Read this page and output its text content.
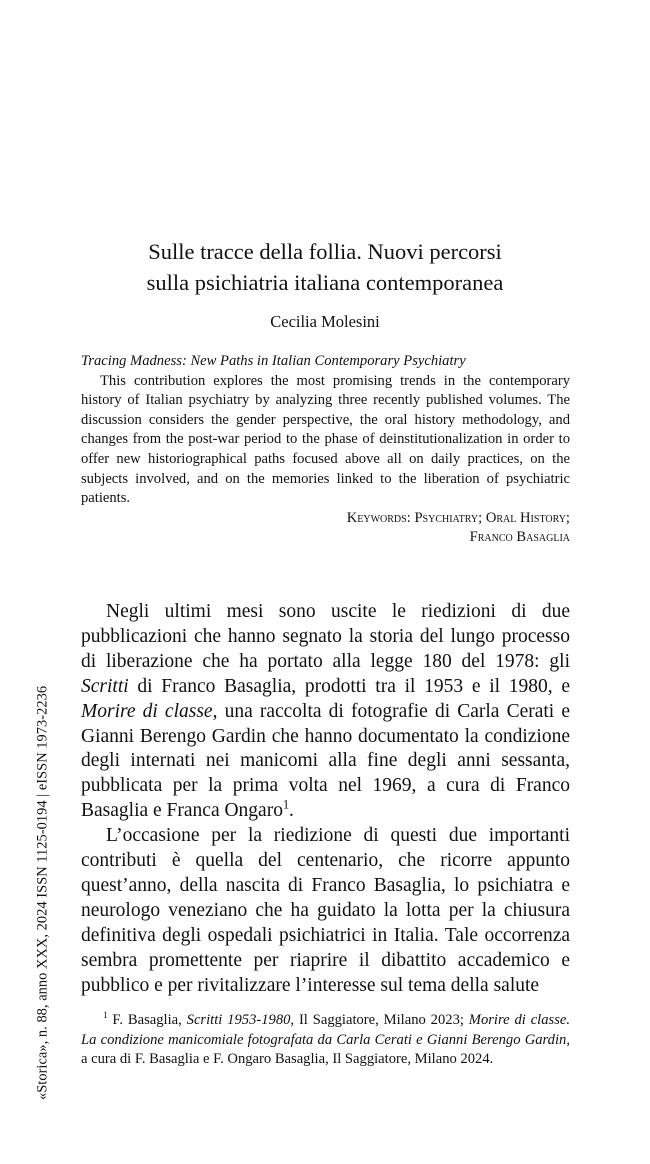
Sulle tracce della follia. Nuovi percorsi
sulla psichiatria italiana contemporanea
Cecilia Molesini

Tracing Madness: New Paths in Italian Contemporary Psychiatry

This contribution explores the most promising trends in the contemporary history of Italian psychiatry by analyzing three recently published volumes. The discussion considers the gender perspective, the oral history methodology, and changes from the post-war period to the phase of deinstitutionalization in order to offer new historiographical paths focused above all on daily practices, on the subjects involved, and on the memories linked to the liberation of psychiatric patients.

Keywords: Psychiatry; Oral History;

Franco Basaglia

Negli ultimi mesi sono uscite le riedizioni di due pubblicazioni che hanno segnato la storia del lungo processo di liberazione che ha portato alla legge 180 del 1978: gli Scritti di Franco Basaglia, prodotti tra il 1953 e il 1980, e Morire di classe, una raccolta di fotografie di Carla Cerati e Gianni Berengo Gardin che hanno documentato la condizione degli internati nei manicomi alla fine degli anni sessanta, pubblicata per la prima volta nel 1969, a cura di Franco Basaglia e Franca Ongaro$^1$.

L’occasione per la riedizione di questi due importanti contributi è quella del centenario, che ricorre appunto quest’anno, della nascita di Franco Basaglia, lo psichiatra e neurologo veneziano che ha guidato la lotta per la chiusura definitiva degli ospedali psichiatrici in Italia. Tale occorrenza sembra promettente per riaprire il dibattito accademico e pubblico e per rivitalizzare l’interesse sul tema della salute

$^1$ F. Basaglia, Scritti 1953-1980, Il Saggiatore, Milano 2023; Morire di classe. La condizione manicomiale fotografata da Carla Cerati e Gianni Berengo Gardin, a cura di F. Basaglia e F. Ongaro Basaglia, Il Saggiatore, Milano 2024.

«Storica», n. 88, anno XXX, 2024 ISSN 1125-0194 | eISSN 1973-2236
